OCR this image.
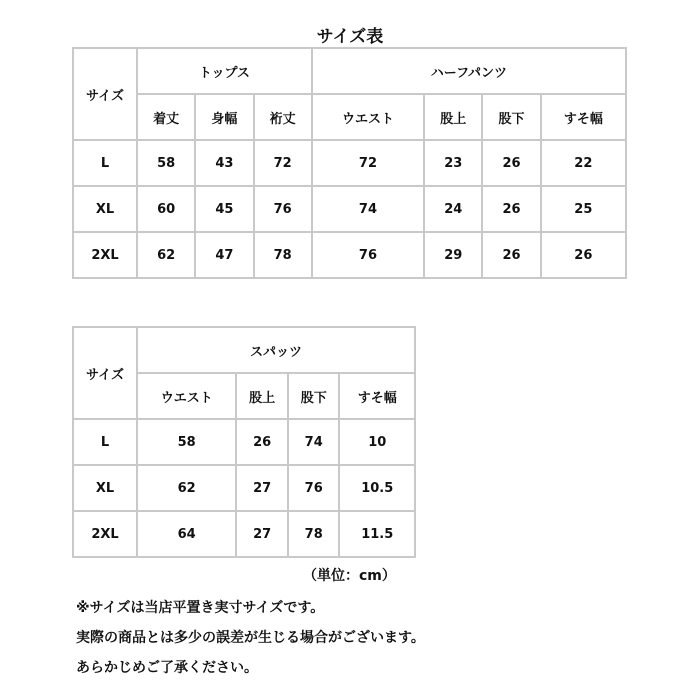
サイズ表
サイズ	トップス			ハーフパンツ			
	着丈	身幅	裄丈	ウエスト	股上	股下	すそ幅
L	58	43	72	72	23	26	22
XL	60	45	76	74	24	26	25
2XL	62	47	78	76	29	26	26
サイズ	スパッツ			
	ウエスト	股上	股下	すそ幅
L	58	26	74	10
XL	62	27	76	10.5
2XL	64	27	78	11.5
（単位：cm）
※サイズは当店平置き実寸サイズです。
実際の商品とは多少の誤差が生じる場合がございます。
あらかじめご了承ください。
